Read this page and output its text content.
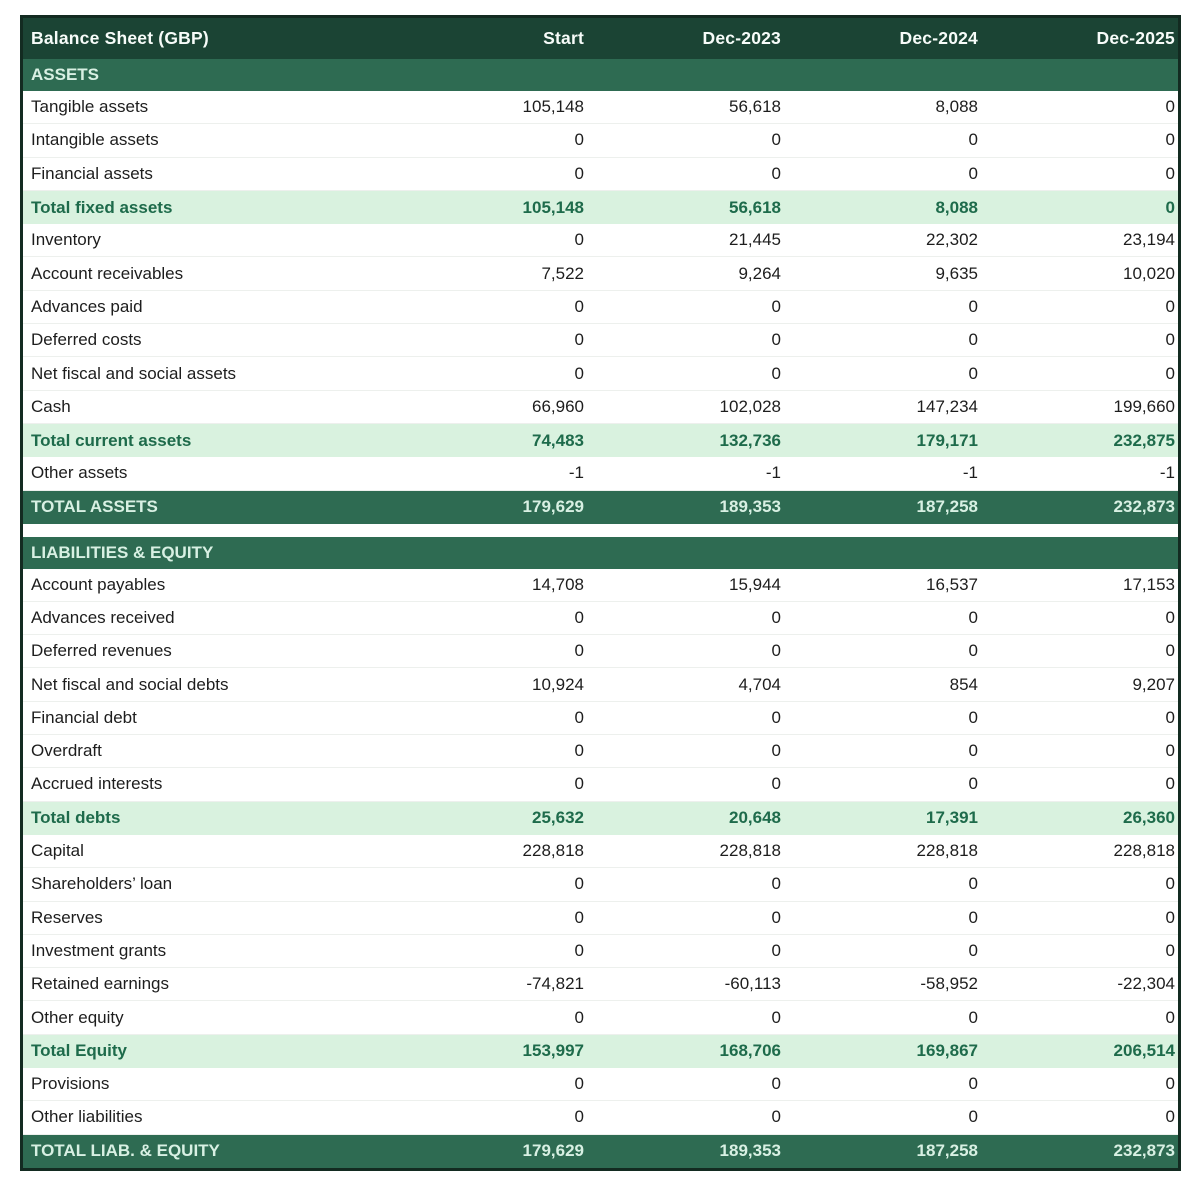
Balance Sheet (GBP)	Start	Dec-2023	Dec-2024	Dec-2025
ASSETS
Tangible assets	105,148	56,618	8,088	0
Intangible assets	0	0	0	0
Financial assets	0	0	0	0
Total fixed assets	105,148	56,618	8,088	0
Inventory	0	21,445	22,302	23,194
Account receivables	7,522	9,264	9,635	10,020
Advances paid	0	0	0	0
Deferred costs	0	0	0	0
Net fiscal and social assets	0	0	0	0
Cash	66,960	102,028	147,234	199,660
Total current assets	74,483	132,736	179,171	232,875
Other assets	-1	-1	-1	-1
TOTAL ASSETS	179,629	189,353	187,258	232,873
LIABILITIES & EQUITY
Account payables	14,708	15,944	16,537	17,153
Advances received	0	0	0	0
Deferred revenues	0	0	0	0
Net fiscal and social debts	10,924	4,704	854	9,207
Financial debt	0	0	0	0
Overdraft	0	0	0	0
Accrued interests	0	0	0	0
Total debts	25,632	20,648	17,391	26,360
Capital	228,818	228,818	228,818	228,818
Shareholders’ loan	0	0	0	0
Reserves	0	0	0	0
Investment grants	0	0	0	0
Retained earnings	-74,821	-60,113	-58,952	-22,304
Other equity	0	0	0	0
Total Equity	153,997	168,706	169,867	206,514
Provisions	0	0	0	0
Other liabilities	0	0	0	0
TOTAL LIAB. & EQUITY	179,629	189,353	187,258	232,873
